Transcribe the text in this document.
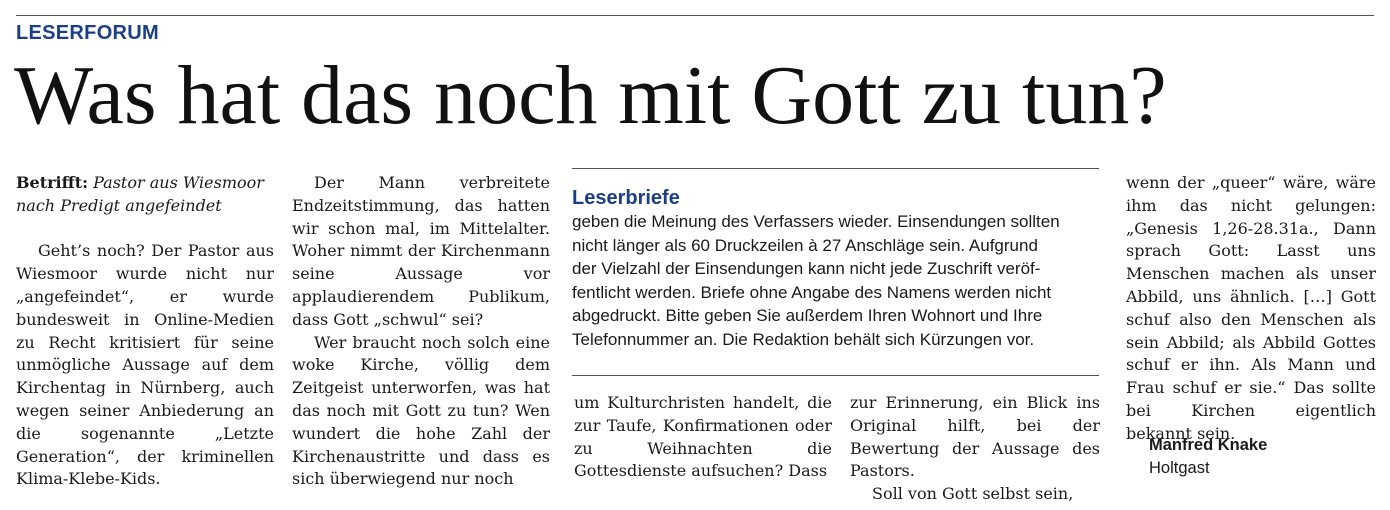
LESERFORUM
Was hat das noch mit Gott zu tun?

Betrifft: Pastor aus Wiesmoor

nach Predigt angefeindet

Geht’s noch? Der Pastor aus Wiesmoor wurde nicht nur „angefeindet“, er wurde bundesweit in Online-Medien zu Recht kritisiert für seine unmögliche Aussage auf dem Kirchentag in Nürnberg, auch wegen seiner Anbiederung an die sogenannte „Letzte Generation“, der kriminellen Klima-Klebe-Kids.

Der Mann verbreitete Endzeitstimmung, das hatten wir schon mal, im Mittelalter. Woher nimmt der Kirchenmann seine Aussage vor applaudierendem Publikum, dass Gott „schwul“ sei?

Wer braucht noch solch eine woke Kirche, völlig dem Zeitgeist unterworfen, was hat das noch mit Gott zu tun? Wen wundert die hohe Zahl der Kirchenaustritte und dass es sich überwiegend nur noch

Leserbriefe
geben die Meinung des Verfassers wieder. Einsendungen sollten
nicht länger als 60 Druckzeilen à 27 Anschläge sein. Aufgrund
der Vielzahl der Einsendungen kann nicht jede Zuschrift veröf-
fentlicht werden. Briefe ohne Angabe des Namens werden nicht
abgedruckt. Bitte geben Sie außerdem Ihren Wohnort und Ihre
Telefonnummer an. Die Redaktion behält sich Kürzungen vor.

um Kulturchristen handelt, die zur Taufe, Konfirmationen oder zu Weihnachten die Gottesdienste aufsuchen? Dass

zur Erinnerung, ein Blick ins Original hilft, bei der Bewertung der Aussage des Pastors.

Soll von Gott selbst sein,

wenn der „queer“ wäre, wäre ihm das nicht gelungen: „Genesis 1,26-28.31a., Dann sprach Gott: Lasst uns Menschen machen als unser Abbild, uns ähnlich. […] Gott schuf also den Menschen als sein Abbild; als Abbild Gottes schuf er ihn. Als Mann und Frau schuf er sie.“ Das sollte bei Kirchen eigentlich bekannt sein.

Manfred Knake
Holtgast
